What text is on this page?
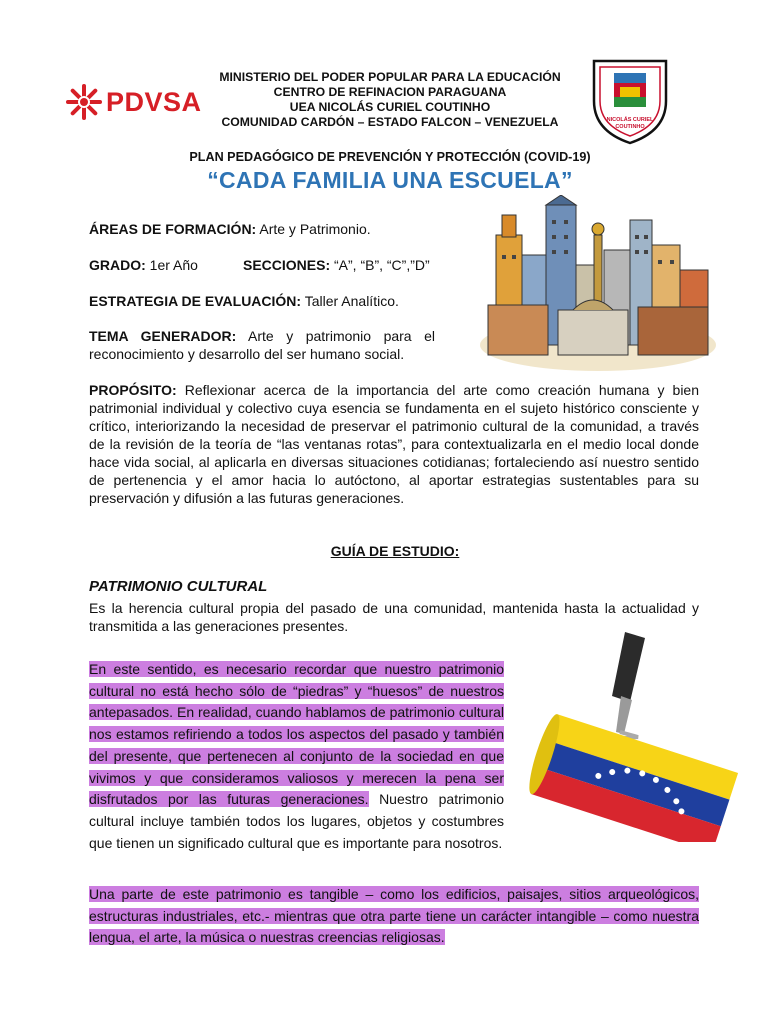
PDVSA
MINISTERIO DEL PODER POPULAR PARA LA EDUCACIÓN
CENTRO DE REFINACION PARAGUANA
UEA NICOLÁS CURIEL COUTINHO
COMUNIDAD CARDÓN – ESTADO FALCON – VENEZUELA	NICOLÁS CURIEL
COUTINHO
PLAN PEDAGÓGICO DE PREVENCIÓN Y PROTECCIÓN (COVID-19)
“CADA FAMILIA UNA ESCUELA”
ÁREAS DE FORMACIÓN: Arte y Patrimonio.
GRADO: 1er Año	SECCIONES: “A”, “B”, “C”,”D”
ESTRATEGIA DE EVALUACIÓN: Taller Analítico.
TEMA GENERADOR: Arte y patrimonio para el
reconocimiento y desarrollo del ser humano social.
PROPÓSITO: Reflexionar acerca de la importancia del arte como creación humana y bien patrimonial individual y colectivo cuya esencia se fundamenta en el sujeto histórico consciente y crítico, interiorizando la necesidad de preservar el patrimonio cultural de la comunidad, a través de la revisión de la teoría de “las ventanas rotas”, para contextualizarla en el medio local donde hace vida social, al aplicarla en diversas situaciones cotidianas; fortaleciendo así nuestro sentido de pertenencia y el amor hacia lo autóctono, al aportar estrategias sustentables para su preservación y difusión a las futuras generaciones.
GUÍA DE ESTUDIO:
PATRIMONIO CULTURAL
Es la herencia cultural propia del pasado de una comunidad, mantenida hasta la actualidad y transmitida a las generaciones presentes.
En este sentido, es necesario recordar que nuestro patrimonio cultural no está hecho sólo de “piedras” y “huesos” de nuestros antepasados. En realidad, cuando hablamos de patrimonio cultural nos estamos refiriendo a todos los aspectos del pasado y también del presente, que pertenecen al conjunto de la sociedad en que vivimos y que consideramos valiosos y merecen la pena ser disfrutados por las futuras generaciones. Nuestro patrimonio cultural incluye también todos los lugares, objetos y costumbres que tienen un significado cultural que es importante para nosotros.
Una parte de este patrimonio es tangible – como los edificios, paisajes, sitios arqueológicos, estructuras industriales, etc.- mientras que otra parte tiene un carácter intangible – como nuestra lengua, el arte, la música o nuestras creencias religiosas.
